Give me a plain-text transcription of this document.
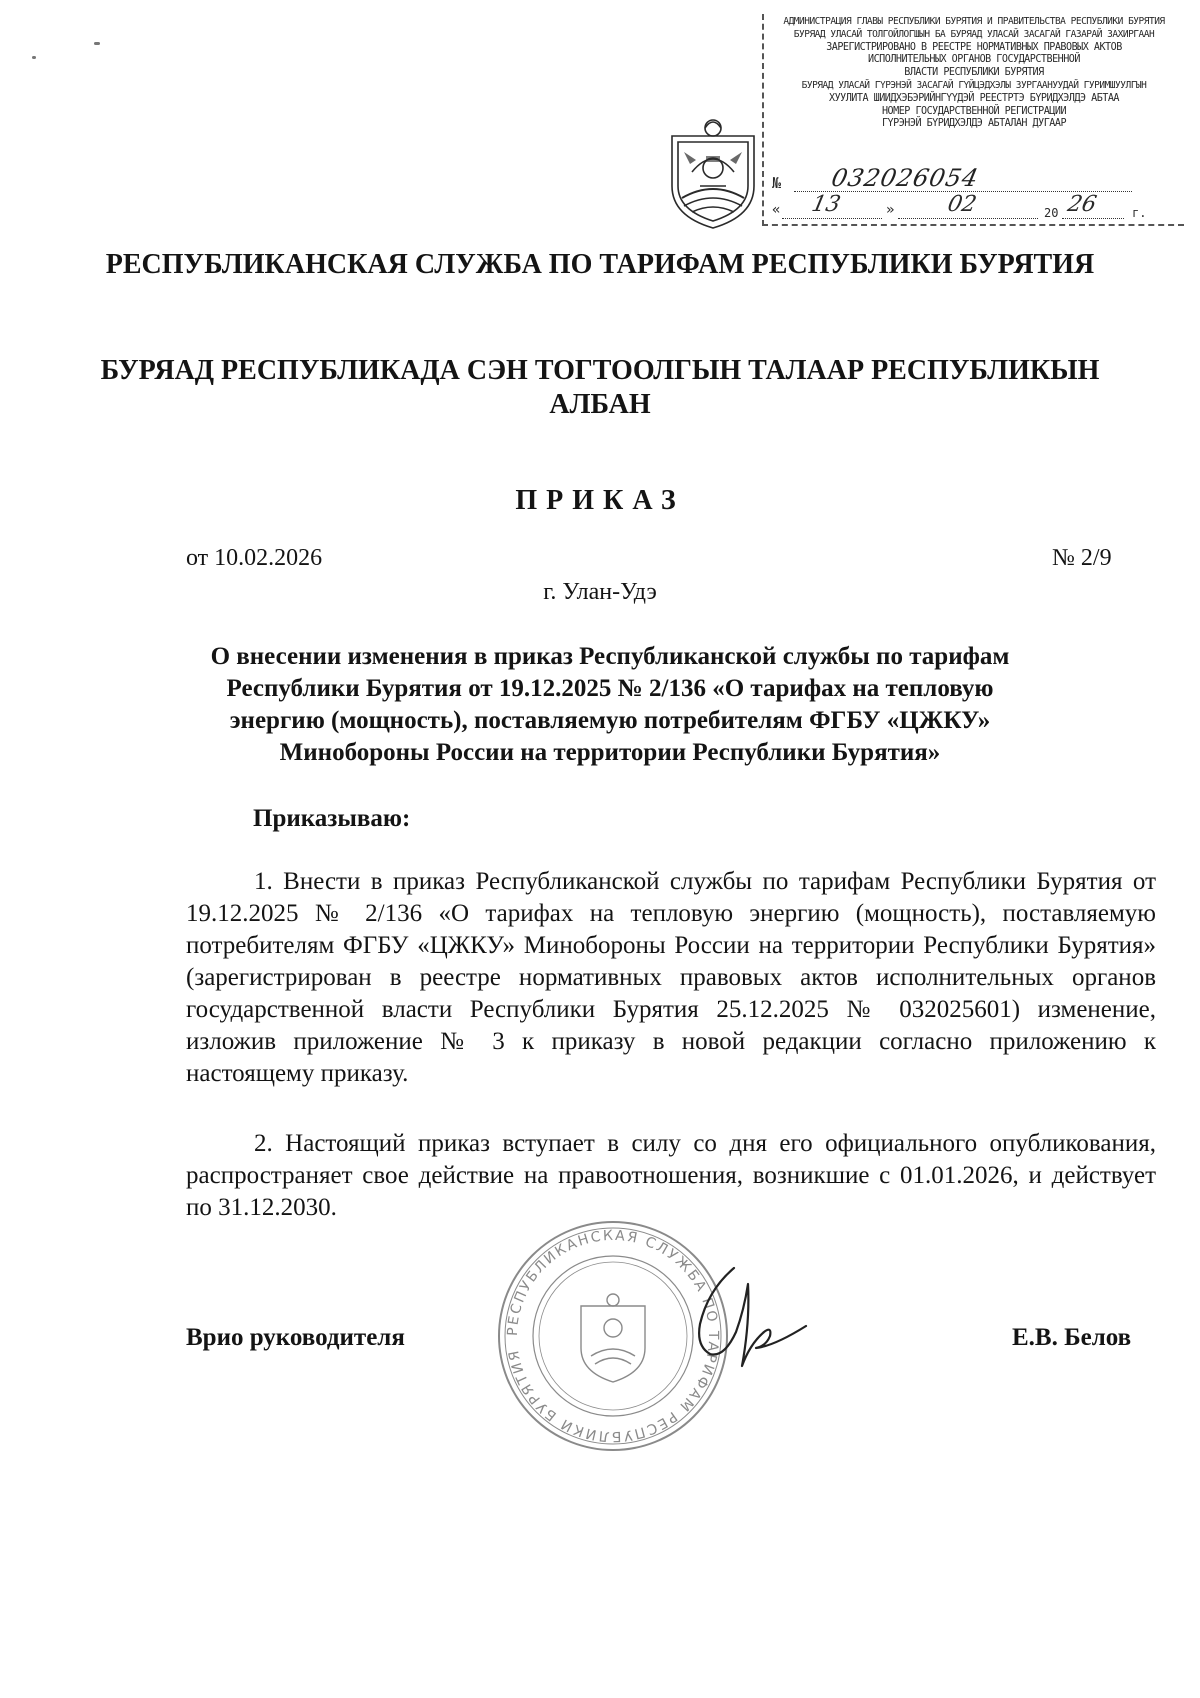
АДМИНИСТРАЦИЯ ГЛАВЫ РЕСПУБЛИКИ БУРЯТИЯ И ПРАВИТЕЛЬСТВА РЕСПУБЛИКИ БУРЯТИЯ
БУРЯАД УЛАСАЙ ТОЛГОЙЛОГШЫН БА БУРЯАД УЛАСАЙ ЗАСАГАЙ ГАЗАРАЙ ЗАХИРГААН
ЗАРЕГИСТРИРОВАНО В РЕЕСТРЕ НОРМАТИВНЫХ ПРАВОВЫХ АКТОВ
ИСПОЛНИТЕЛЬНЫХ ОРГАНОВ ГОСУДАРСТВЕННОЙ
ВЛАСТИ РЕСПУБЛИКИ БУРЯТИЯ
БУРЯАД УЛАСАЙ ГҮРЭНЭЙ ЗАСАГАЙ ГҮЙЦЭДХЭЛЫ ЗУРГААНУУДАЙ ГУРИМШУУЛГЫН
ХУУЛИТА ШИИДХЭБЭРИЙНГҮҮДЭЙ РЕЕСТРТЭ БҮРИДХЭЛДЭ АБТАА
НОМЕР ГОСУДАРСТВЕННОЙ РЕГИСТРАЦИИ
ГҮРЭНЭЙ БҮРИДХЭЛДЭ АБТАЛАН ДУГААР
№ 032026054
« 13	» 02	20 26	г.
РЕСПУБЛИКАНСКАЯ СЛУЖБА ПО ТАРИФАМ РЕСПУБЛИКИ БУРЯТИЯ
БУРЯАД РЕСПУБЛИКАДА СЭН ТОГТООЛГЫН ТАЛААР РЕСПУБЛИКЫН АЛБАН
ПРИКАЗ
от 10.02.2026	№ 2/9
г. Улан-Удэ
О внесении изменения в приказ Республиканской службы по тарифам Республики Бурятия от 19.12.2025 № 2/136 «О тарифах на тепловую энергию (мощность), поставляемую потребителям ФГБУ «ЦЖКУ» Минобороны России на территории Республики Бурятия»
Приказываю:
1. Внести в приказ Республиканской службы по тарифам Республики Бурятия от 19.12.2025 № 2/136 «О тарифах на тепловую энергию (мощность), поставляемую потребителям ФГБУ «ЦЖКУ» Минобороны России на территории Республики Бурятия» (зарегистрирован в реестре нормативных правовых актов исполнительных органов государственной власти Республики Бурятия 25.12.2025 № 032025601) изменение, изложив приложение № 3 к приказу в новой редакции согласно приложению к настоящему приказу.
2. Настоящий приказ вступает в силу со дня его официального опубликования, распространяет свое действие на правоотношения, возникшие с 01.01.2026, и действует по 31.12.2030.
РЕСПУБЛИКАНСКАЯ СЛУЖБА ПО ТАРИФАМ РЕСПУБЛИКИ БУРЯТИЯ
Врио руководителя	Е.В. Белов
